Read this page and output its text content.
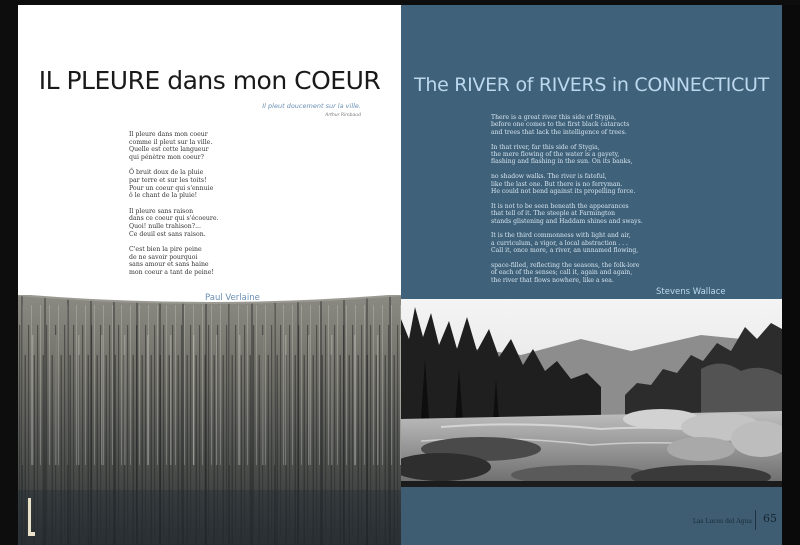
IL PLEURE dans mon COEUR
Il pleut doucement sur la ville.
Arthur Rimbaud
Il pleure dans mon coeur
comme il pleut sur la ville.
Quelle est cette langueur
qui pénètre mon coeur?
Ô bruit doux de la pluie
par terre et sur les toits!
Pour un coeur qui s'ennuie
ô le chant de la pluie!
Il pleure sans raison
dans ce coeur qui s'écoeure.
Quoi! nulle trahison?...
Ce deuil est sans raison.
C'est bien la pire peine
de ne savoir pourquoi
sans amour et sans haine
mon coeur a tant de peine!
Paul Verlaine
The RIVER of RIVERS in CONNECTICUT
There is a great river this side of Stygia,
before one comes to the first black cataracts
and trees that lack the intelligence of trees.
In that river, far this side of Stygia,
the mere flowing of the water is a gayety,
flashing and flashing in the sun. On its banks,
no shadow walks. The river is fateful,
like the last one. But there is no ferryman.
He could not bend against its propelling force.
It is not to be seen beneath the appearances
that tell of it. The steeple at Farmington
stands glistening and Haddam shines and sways.
It is the third commonness with light and air,
a curriculum, a vigor, a local abstraction . . .
Call it, once more, a river, an unnamed flowing,
space-filled, reflecting the seasons, the folk-lore
of each of the senses; call it, again and again,
the river that flows nowhere, like a sea.
Stevens Wallace
Las Luces del Agua 65
